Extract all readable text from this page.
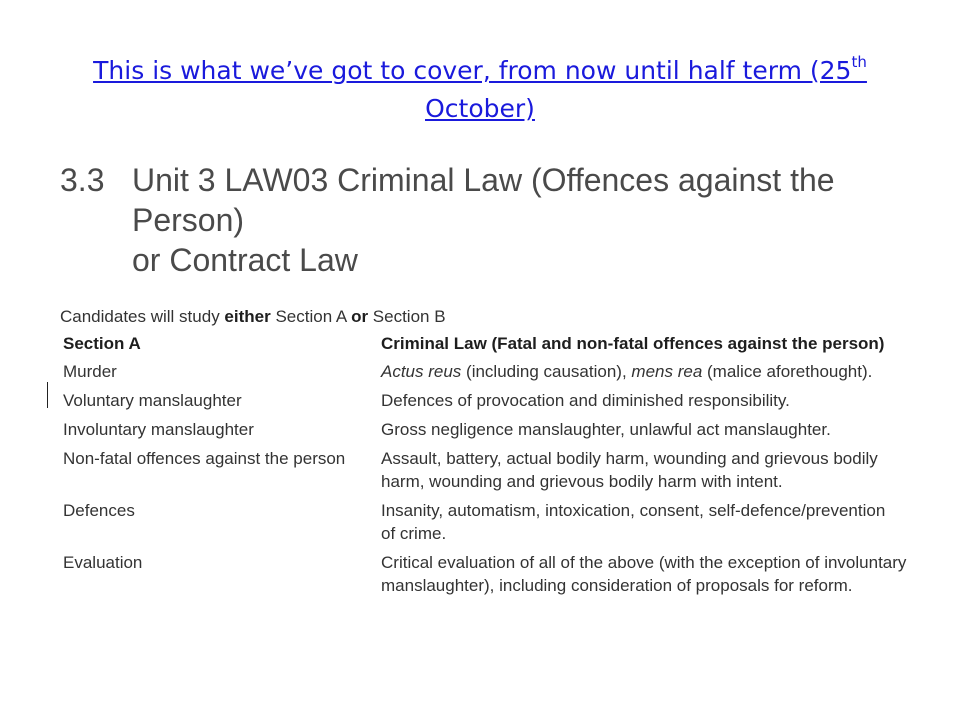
This is what we’ve got to cover, from now until half term (25th
October)
3.3 Unit 3 LAW03 Criminal Law (Offences against the Person)
or Contract Law
Candidates will study either Section A or Section B
Section A	Criminal Law (Fatal and non-fatal offences against the person)
Murder	Actus reus (including causation), mens rea (malice aforethought).
Voluntary manslaughter	Defences of provocation and diminished responsibility.
Involuntary manslaughter	Gross negligence manslaughter, unlawful act manslaughter.
Non-fatal offences against the person	Assault, battery, actual bodily harm, wounding and grievous bodily
harm, wounding and grievous bodily harm with intent.
Defences	Insanity, automatism, intoxication, consent, self-defence/prevention
of crime.
Evaluation	Critical evaluation of all of the above (with the exception of involuntary
manslaughter), including consideration of proposals for reform.
